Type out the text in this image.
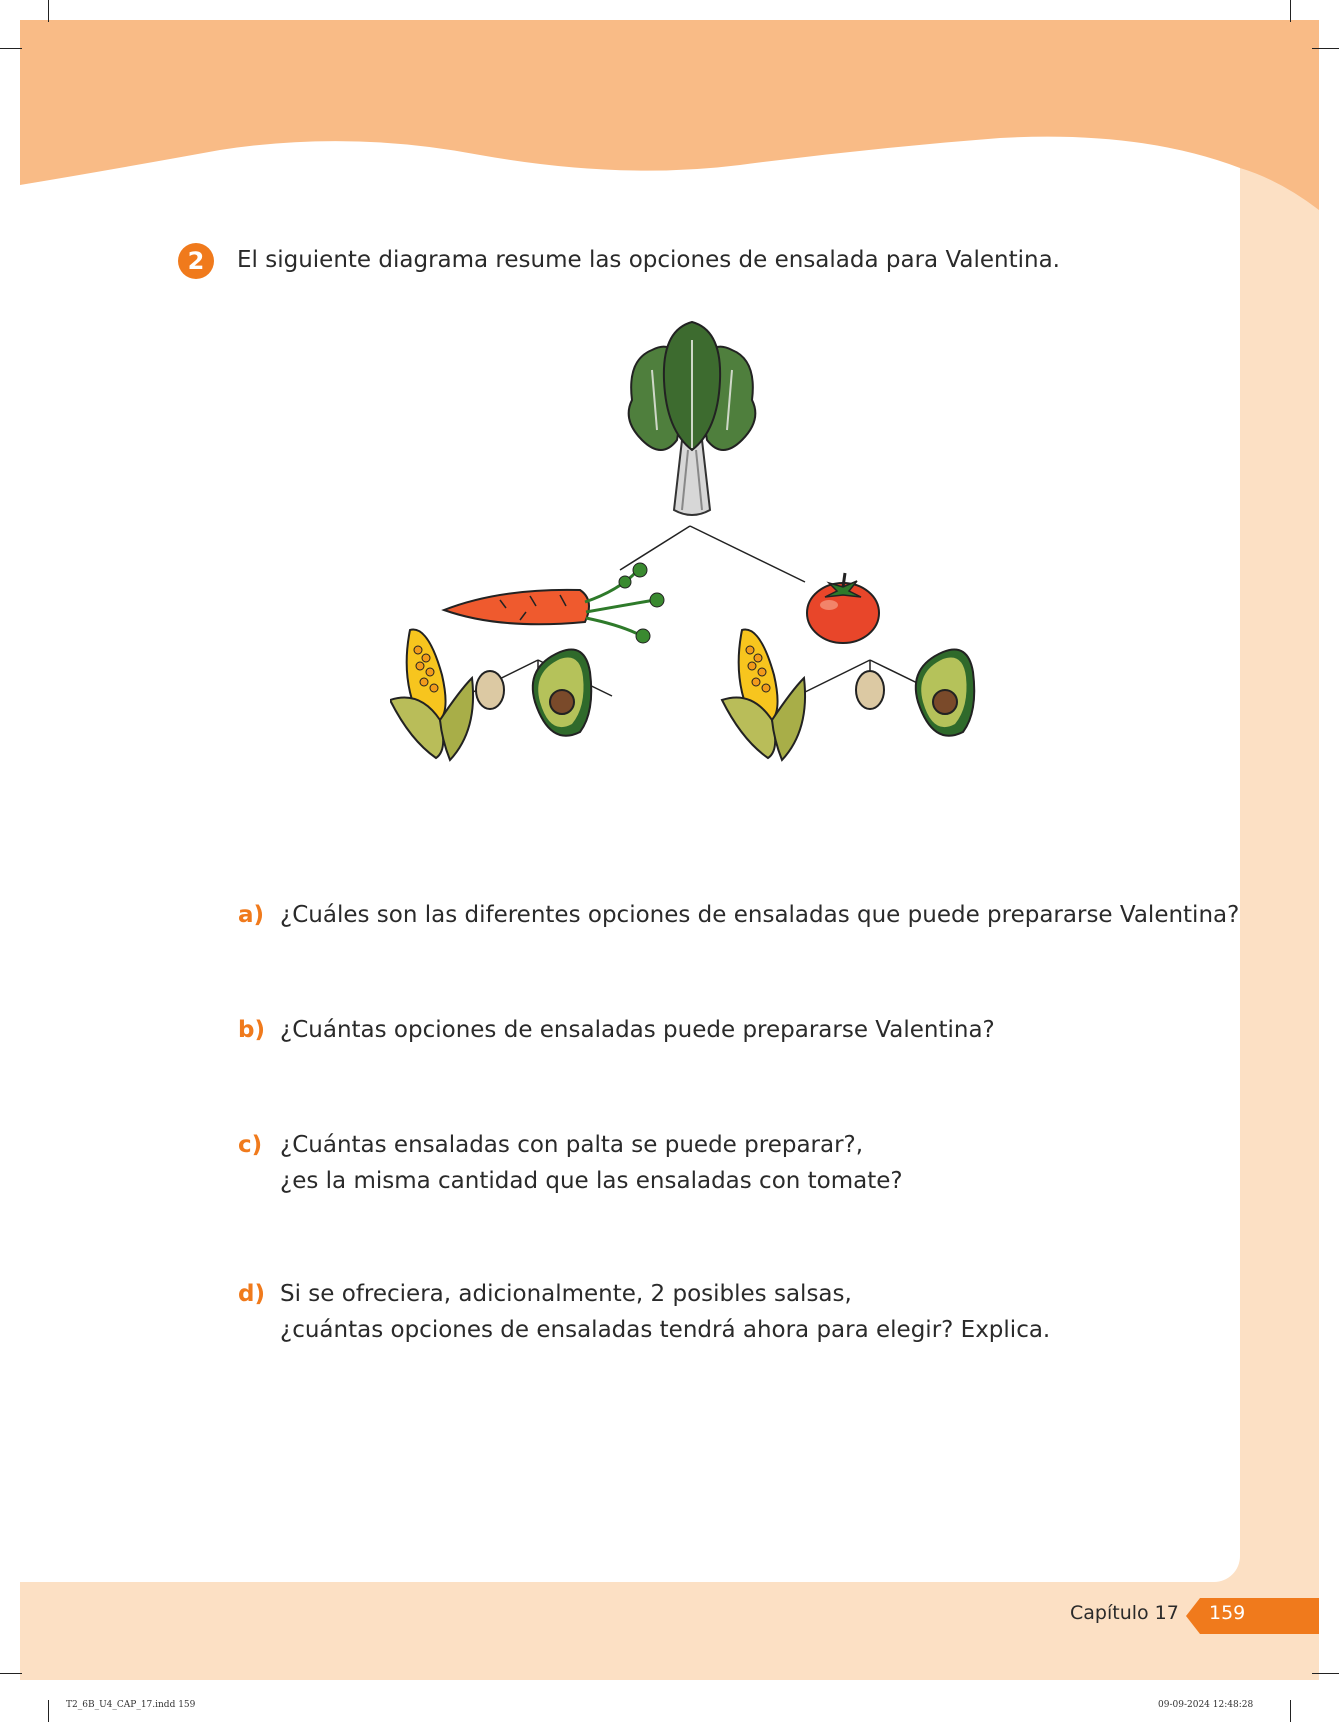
2	El siguiente diagrama resume las opciones de ensalada para Valentina.
a) ¿Cuáles son las diferentes opciones de ensaladas que puede prepararse Valentina?
b) ¿Cuántas opciones de ensaladas puede prepararse Valentina?
c) ¿Cuántas ensaladas con palta se puede preparar?,
¿es la misma cantidad que las ensaladas con tomate?
d) Si se ofreciera, adicionalmente, 2 posibles salsas,
¿cuántas opciones de ensaladas tendrá ahora para elegir? Explica.
Capítulo 17 159
T2_6B_U4_CAP_17.indd 159	09-09-2024 12:48:28
